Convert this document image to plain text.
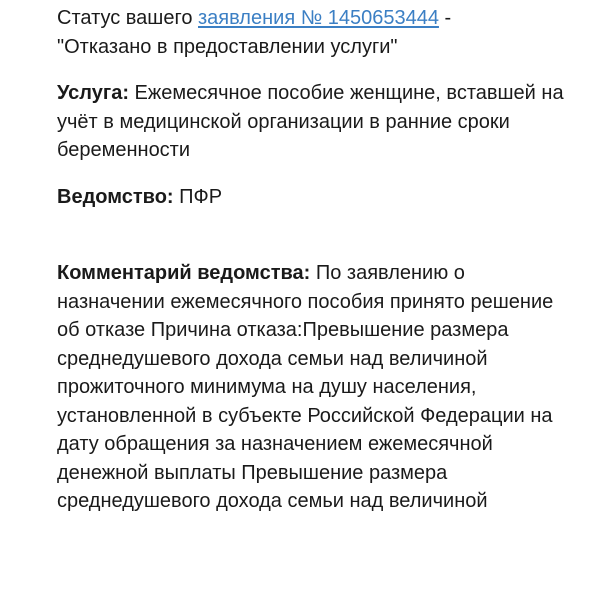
Статус вашего заявления № 1450653444 -
"Отказано в предоставлении услуги"

Услуга: Ежемесячное пособие женщине, вставшей на учёт в медицинской организации в ранние сроки беременности

Ведомство: ПФР

Комментарий ведомства: По заявлению о назначении ежемесячного пособия принято решение об отказе Причина отказа:Превышение размера среднедушевого дохода семьи над величиной прожиточного минимума на душу населения, установленной в субъекте Российской Федерации на дату обращения за назначением ежемесячной денежной выплаты Превышение размера среднедушевого дохода семьи над величиной
